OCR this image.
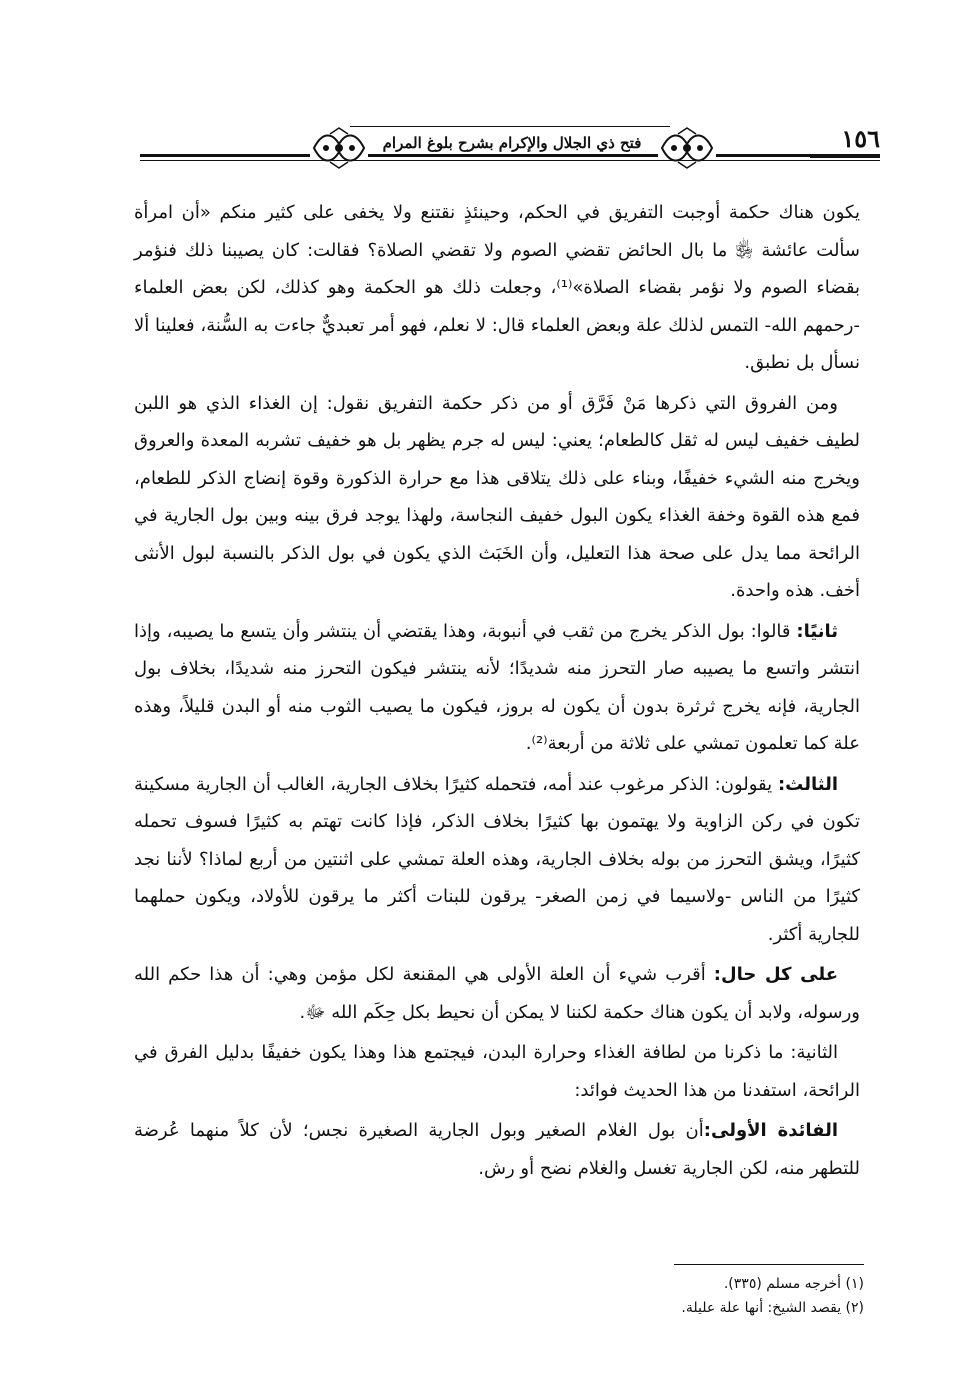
فتح ذي الجلال والإكرام بشرح بلوغ المرام	١٥٦

يكون هناك حكمة أوجبت التفريق في الحكم، وحينئذٍ نقتنع ولا يخفى على كثير منكم «أن امرأة سألت عائشة ﵂ ما بال الحائض تقضي الصوم ولا تقضي الصلاة؟ فقالت: كان يصيبنا ذلك فنؤمر بقضاء الصوم ولا نؤمر بقضاء الصلاة»⁽¹⁾، وجعلت ذلك هو الحكمة وهو كذلك، لكن بعض العلماء -رحمهم الله- التمس لذلك علة وبعض العلماء قال: لا نعلم، فهو أمر تعبديٌّ جاءت به السُّنة، فعلينا ألا نسأل بل نطبق.

ومن الفروق التي ذكرها مَنْ فَرَّق أو من ذكر حكمة التفريق نقول: إن الغذاء الذي هو اللبن لطيف خفيف ليس له ثقل كالطعام؛ يعني: ليس له جرم يظهر بل هو خفيف تشربه المعدة والعروق ويخرج منه الشيء خفيفًا، وبناء على ذلك يتلاقى هذا مع حرارة الذكورة وقوة إنضاج الذكر للطعام، فمع هذه القوة وخفة الغذاء يكون البول خفيف النجاسة، ولهذا يوجد فرق بينه وبين بول الجارية في الرائحة مما يدل على صحة هذا التعليل، وأن الخَبَث الذي يكون في بول الذكر بالنسبة لبول الأنثى أخف. هذه واحدة.

ثانيًا: قالوا: بول الذكر يخرج من ثقب في أنبوبة، وهذا يقتضي أن ينتشر وأن يتسع ما يصيبه، وإذا انتشر واتسع ما يصيبه صار التحرز منه شديدًا؛ لأنه ينتشر فيكون التحرز منه شديدًا، بخلاف بول الجارية، فإنه يخرج ثرثرة بدون أن يكون له بروز، فيكون ما يصيب الثوب منه أو البدن قليلاً، وهذه علة كما تعلمون تمشي على ثلاثة من أربعة⁽²⁾.

الثالث: يقولون: الذكر مرغوب عند أمه، فتحمله كثيرًا بخلاف الجارية، الغالب أن الجارية مسكينة تكون في ركن الزاوية ولا يهتمون بها كثيرًا بخلاف الذكر، فإذا كانت تهتم به كثيرًا فسوف تحمله كثيرًا، ويشق التحرز من بوله بخلاف الجارية، وهذه العلة تمشي على اثنتين من أربع لماذا؟ لأننا نجد كثيرًا من الناس -ولاسيما في زمن الصغر- يرقون للبنات أكثر ما يرقون للأولاد، ويكون حملهما للجارية أكثر.

على كل حال: أقرب شيء أن العلة الأولى هي المقنعة لكل مؤمن وهي: أن هذا حكم الله ورسوله، ولابد أن يكون هناك حكمة لكننا لا يمكن أن نحيط بكل حِكَم الله ﷻ.

الثانية: ما ذكرنا من لطافة الغذاء وحرارة البدن، فيجتمع هذا وهذا يكون خفيفًا بدليل الفرق في الرائحة، استفدنا من هذا الحديث فوائد:

الفائدة الأولى:أن بول الغلام الصغير وبول الجارية الصغيرة نجس؛ لأن كلاً منهما عُرضة للتطهر منه، لكن الجارية تغسل والغلام نضح أو رش.

(١) أخرجه مسلم (٣٣٥).

(٢) يقصد الشيخ: أنها علة عليلة.
